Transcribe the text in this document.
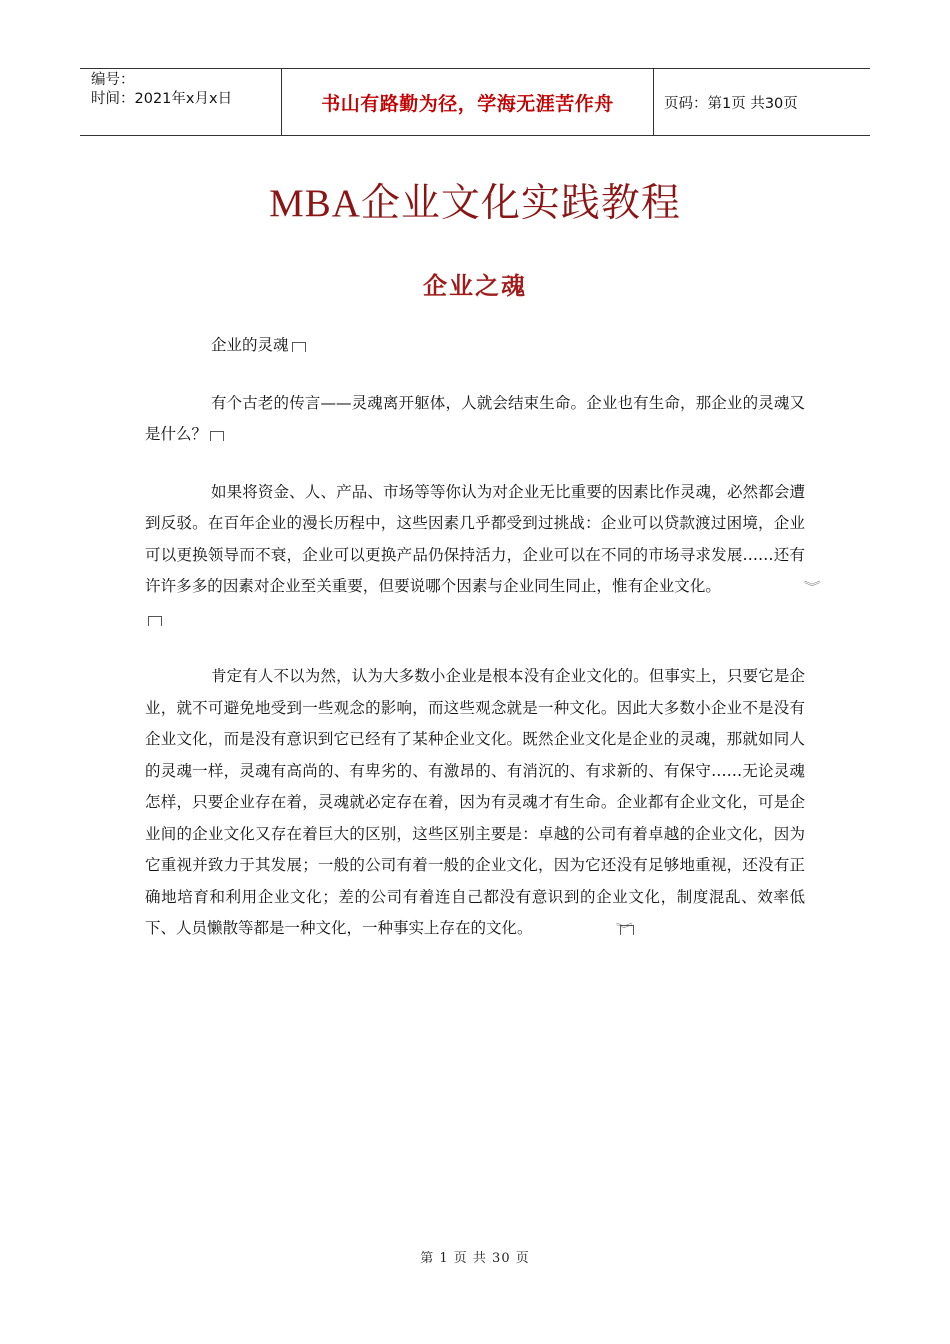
编号：
时间：2021年x月x日	书山有路勤为径，学海无涯苦作舟	页码：第1页 共30页
MBA企业文化实践教程
企业之魂

企业的灵魂

有个古老的传言——灵魂离开躯体，人就会结束生命。企业也有生命，那企业的灵魂又是什么？

如果将资金、人、产品、市场等等你认为对企业无比重要的因素比作灵魂，必然都会遭到反驳。在百年企业的漫长历程中，这些因素几乎都受到过挑战：企业可以贷款渡过困境，企业可以更换领导而不衰，企业可以更换产品仍保持活力，企业可以在不同的市场寻求发展……还有许许多多的因素对企业至关重要，但要说哪个因素与企业同生同止，惟有企业文化。	︾

肯定有人不以为然，认为大多数小企业是根本没有企业文化的。但事实上，只要它是企业，就不可避免地受到一些观念的影响，而这些观念就是一种文化。因此大多数小企业不是没有企业文化，而是没有意识到它已经有了某种企业文化。既然企业文化是企业的灵魂，那就如同人的灵魂一样，灵魂有高尚的、有卑劣的、有激昂的、有消沉的、有求新的、有保守……无论灵魂怎样，只要企业存在着，灵魂就必定存在着，因为有灵魂才有生命。企业都有企业文化，可是企业间的企业文化又存在着巨大的区别，这些区别主要是：卓越的公司有着卓越的企业文化，因为它重视并致力于其发展；一般的公司有着一般的企业文化，因为它还没有足够地重视，还没有正确地培育和利用企业文化；差的公司有着连自己都没有意识到的企业文化，制度混乱、效率低下、人员懒散等都是一种文化，一种事实上存在的文化。	︾

第 1 页 共 30 页
